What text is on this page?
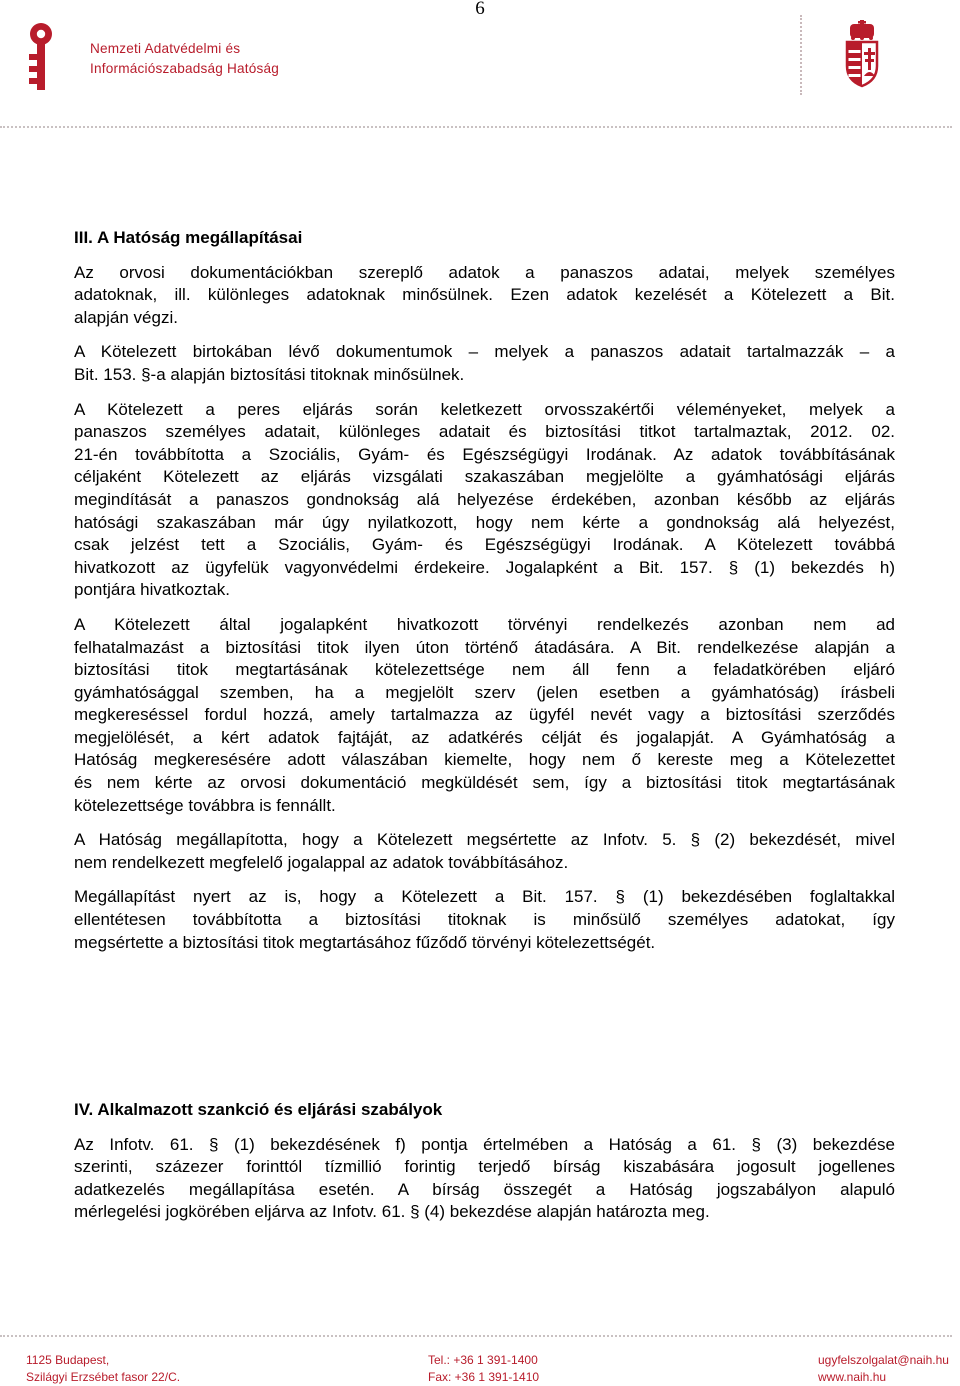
6
Nemzeti Adatvédelmi és
Információszabadság Hatóság
III. A Hatóság megállapításai

Az orvosi dokumentációkban szereplő adatok a panaszos adatai, melyek személyes
adatoknak, ill. különleges adatoknak minősülnek. Ezen adatok kezelését a Kötelezett a Bit.
alapján végzi.

A Kötelezett birtokában lévő dokumentumok – melyek a panaszos adatait tartalmazzák – a
Bit. 153. §-a alapján biztosítási titoknak minősülnek.

A Kötelezett a peres eljárás során keletkezett orvosszakértői véleményeket, melyek a
panaszos személyes adatait, különleges adatait és biztosítási titkot tartalmaztak, 2012. 02.
21-én továbbította a Szociális, Gyám- és Egészségügyi Irodának. Az adatok továbbításának
céljaként Kötelezett az eljárás vizsgálati szakaszában megjelölte a gyámhatósági eljárás
megindítását a panaszos gondnokság alá helyezése érdekében, azonban később az eljárás
hatósági szakaszában már úgy nyilatkozott, hogy nem kérte a gondnokság alá helyezést,
csak jelzést tett a Szociális, Gyám- és Egészségügyi Irodának. A Kötelezett továbbá
hivatkozott az ügyfelük vagyonvédelmi érdekeire. Jogalapként a Bit. 157. § (1) bekezdés h)
pontjára hivatkoztak.

A Kötelezett által jogalapként hivatkozott törvényi rendelkezés azonban nem ad
felhatalmazást a biztosítási titok ilyen úton történő átadására. A Bit. rendelkezése alapján a
biztosítási titok megtartásának kötelezettsége nem áll fenn a feladatkörében eljáró
gyámhatósággal szemben, ha a megjelölt szerv (jelen esetben a gyámhatóság) írásbeli
megkereséssel fordul hozzá, amely tartalmazza az ügyfél nevét vagy a biztosítási szerződés
megjelölését, a kért adatok fajtáját, az adatkérés célját és jogalapját. A Gyámhatóság a
Hatóság megkeresésére adott válaszában kiemelte, hogy nem ő kereste meg a Kötelezettet
és nem kérte az orvosi dokumentáció megküldését sem, így a biztosítási titok megtartásának
kötelezettsége továbbra is fennállt.

A Hatóság megállapította, hogy a Kötelezett megsértette az Infotv. 5. § (2) bekezdését, mivel
nem rendelkezett megfelelő jogalappal az adatok továbbításához.

Megállapítást nyert az is, hogy a Kötelezett a Bit. 157. § (1) bekezdésében foglaltakkal
ellentétesen továbbította a biztosítási titoknak is minősülő személyes adatokat, így
megsértette a biztosítási titok megtartásához fűződő törvényi kötelezettségét.

IV. Alkalmazott szankció és eljárási szabályok

Az Infotv. 61. § (1) bekezdésének f) pontja értelmében a Hatóság a 61. § (3) bekezdése
szerinti, százezer forinttól tízmillió forintig terjedő bírság kiszabására jogosult jogellenes
adatkezelés megállapítása esetén. A bírság összegét a Hatóság jogszabályon alapuló
mérlegelési jogkörében eljárva az Infotv. 61. § (4) bekezdése alapján határozta meg.

1125 Budapest,
Szilágyi Erzsébet fasor 22/C.
Tel.: +36 1 391-1400
Fax: +36 1 391-1410
ugyfelszolgalat@naih.hu
www.naih.hu
